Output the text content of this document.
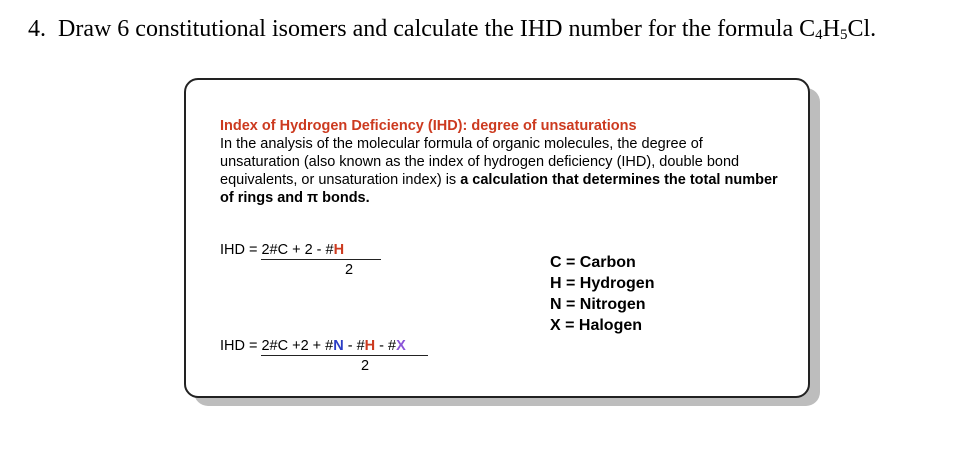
4. Draw 6 constitutional isomers and calculate the IHD number for the formula $C_4H_5Cl$.
Index of Hydrogen Deficiency (IHD): degree of unsaturations
In the analysis of the molecular formula of organic molecules, the degree of unsaturation (also known as the index of hydrogen deficiency (IHD), double bond equivalents, or unsaturation index) is a calculation that determines the total number of rings and π bonds.
IHD = 2#C + 2 - #H
2
IHD = 2#C +2 + #N - #H - #X
2
C = Carbon
H = Hydrogen
N = Nitrogen
X = Halogen
